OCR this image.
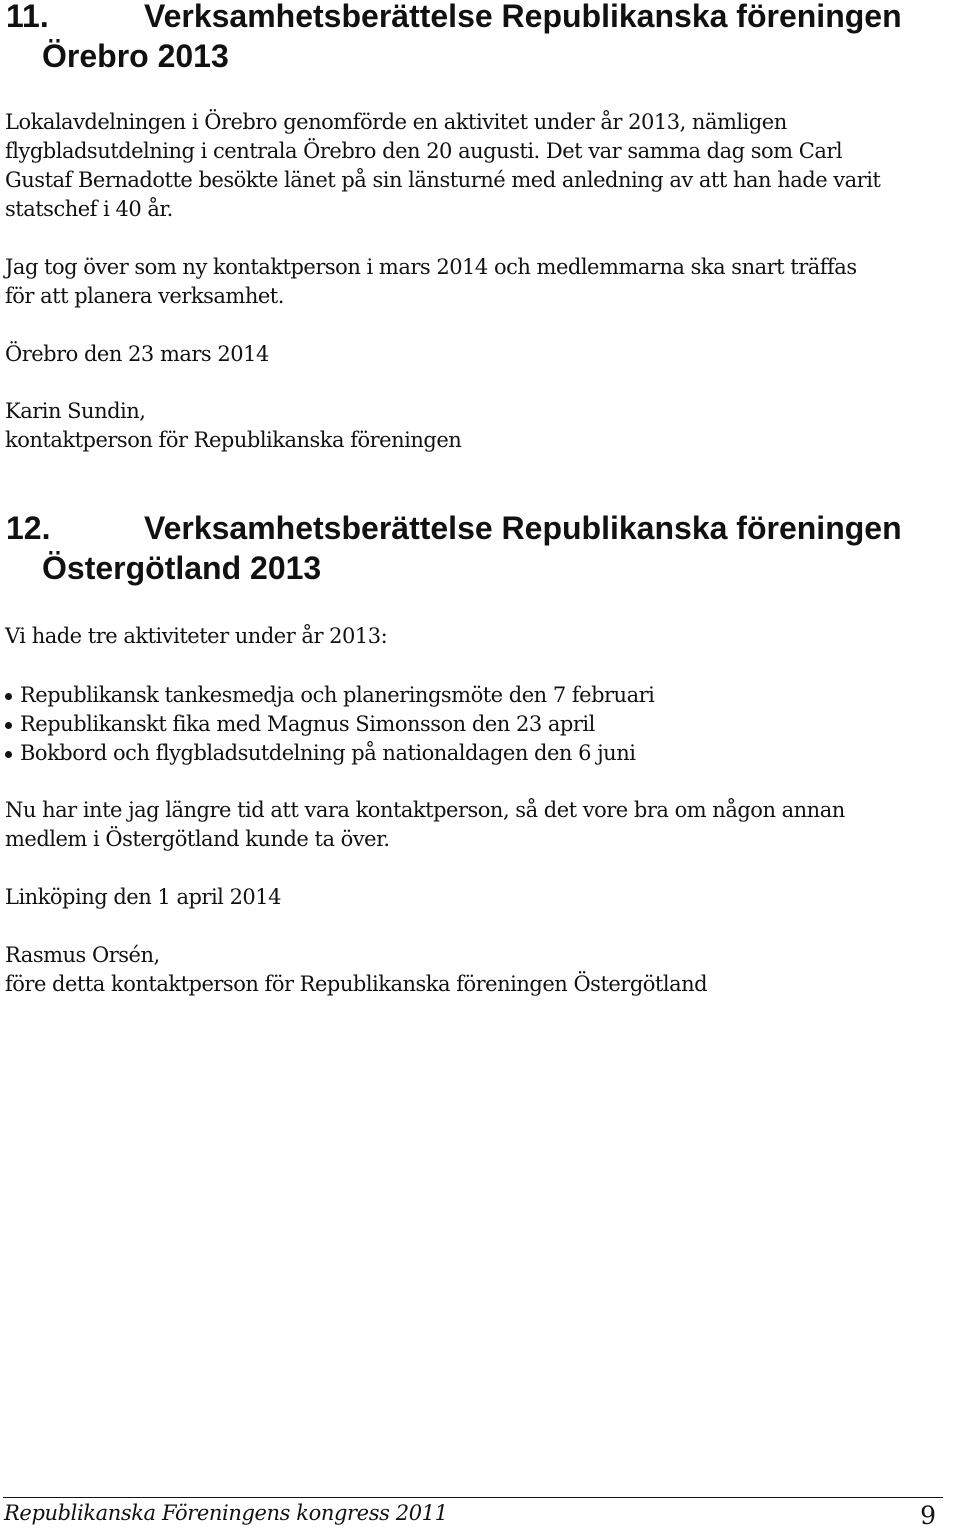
11.	Verksamhetsberättelse Republikanska föreningen
Örebro 2013

Lokalavdelningen i Örebro genomförde en aktivitet under år 2013, nämligen
flygbladsutdelning i centrala Örebro den 20 augusti. Det var samma dag som Carl
Gustaf Bernadotte besökte länet på sin länsturné med anledning av att han hade varit
statschef i 40 år.

Jag tog över som ny kontaktperson i mars 2014 och medlemmarna ska snart träffas
för att planera verksamhet.

Örebro den 23 mars 2014

Karin Sundin,
kontaktperson för Republikanska föreningen

12.	Verksamhetsberättelse Republikanska föreningen
Östergötland 2013

Vi hade tre aktiviteter under år 2013:

Republikansk tankesmedja och planeringsmöte den 7 februari
Republikanskt fika med Magnus Simonsson den 23 april
Bokbord och flygbladsutdelning på nationaldagen den 6 juni

Nu har inte jag längre tid att vara kontaktperson, så det vore bra om någon annan
medlem i Östergötland kunde ta över.

Linköping den 1 april 2014

Rasmus Orsén,
före detta kontaktperson för Republikanska föreningen Östergötland

Republikanska Föreningens kongress 2011	9
